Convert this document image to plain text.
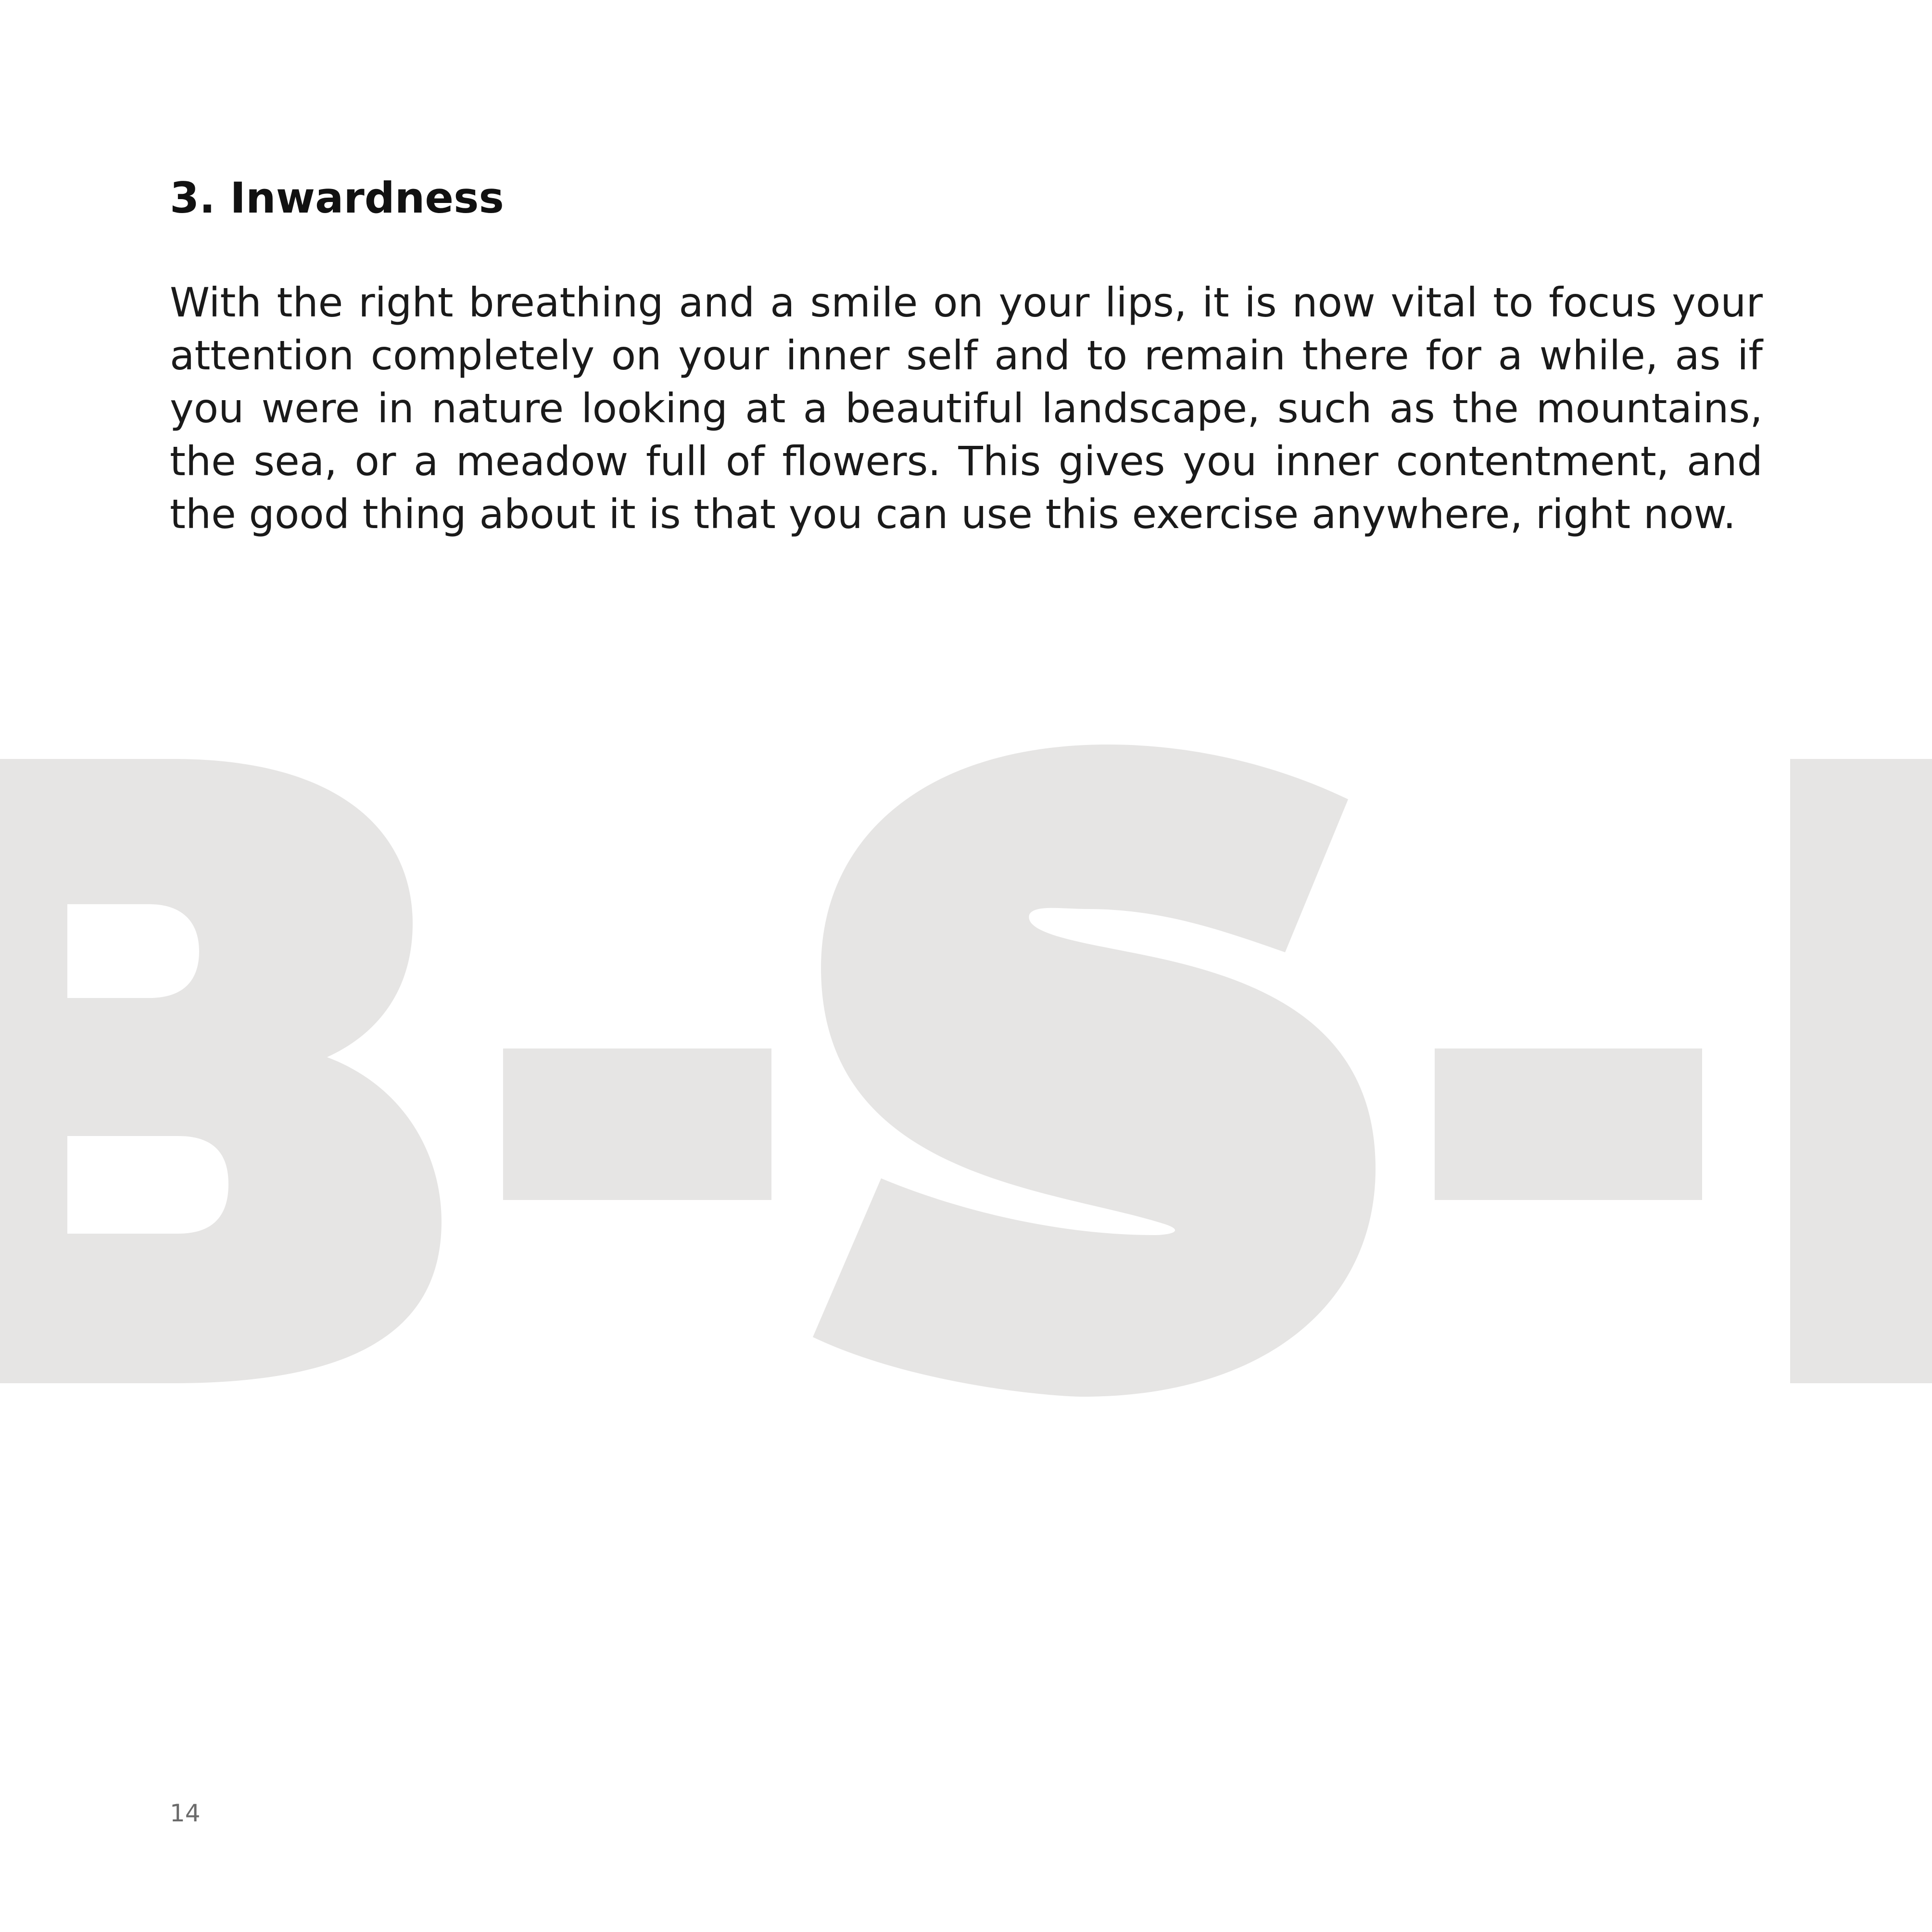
3. Inwardness

With the right breathing and a smile on your lips, it is now vital to focus your attention completely on your inner self and to remain there for a while, as if you were in nature looking at a beautiful landscape, such as the mountains, the sea, or a meadow full of flowers. This gives you inner contentment, and the good thing about it is that you can use this exercise anywhere, right now.

14
